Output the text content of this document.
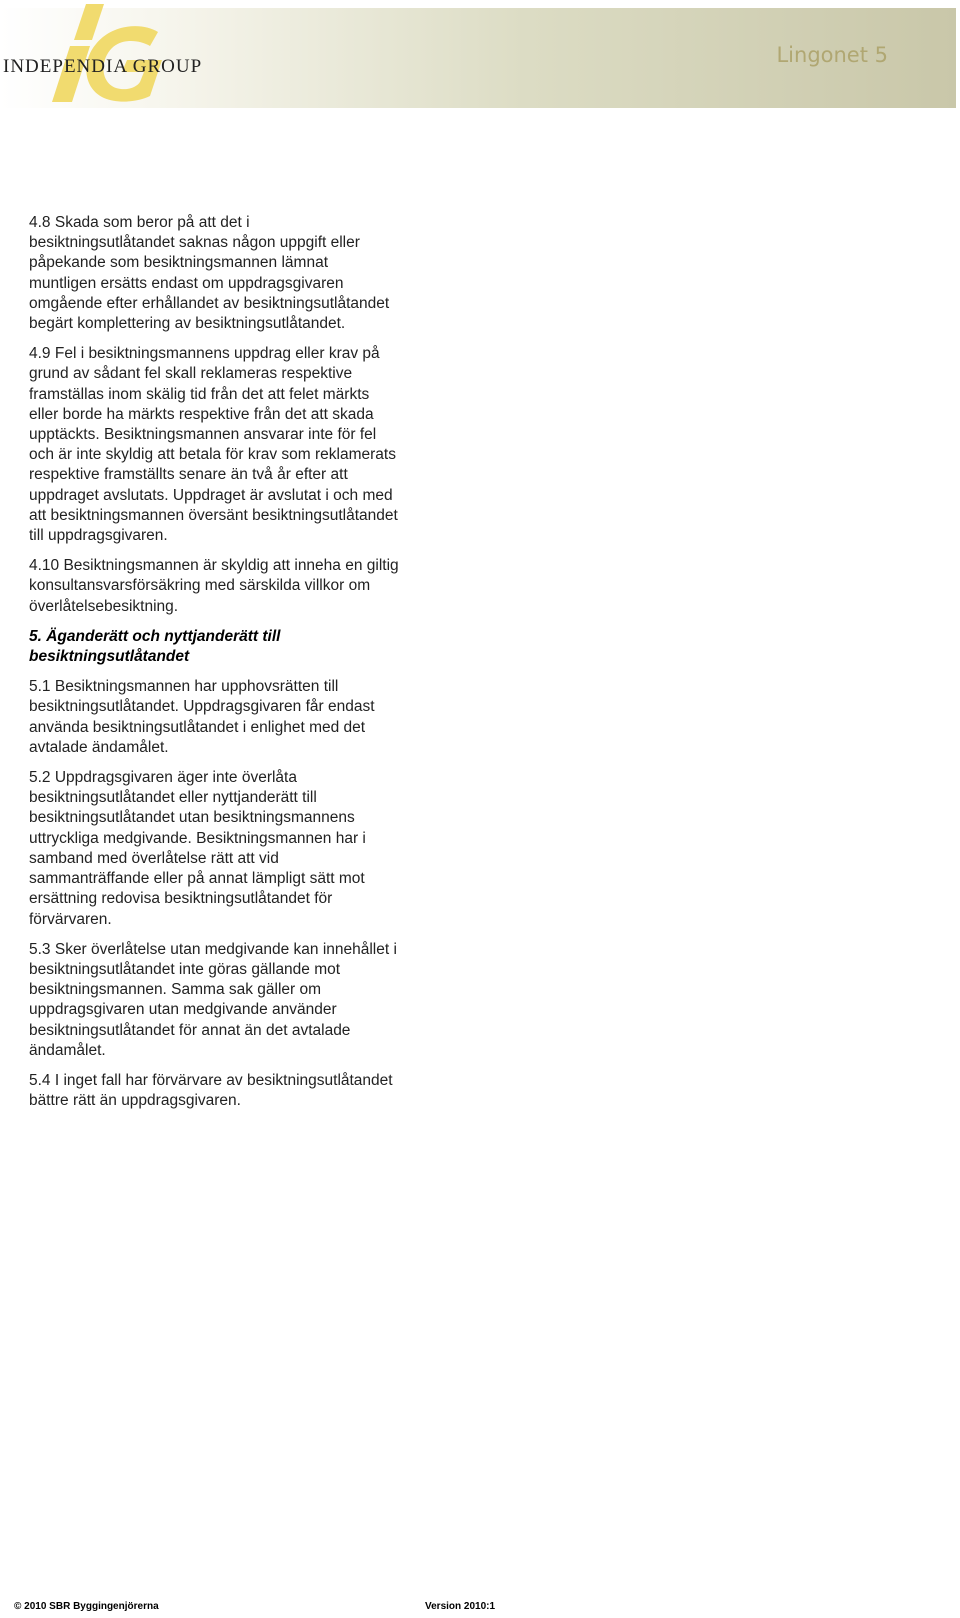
INDEPENDIA GROUP	Lingonet 5

4.8 Skada som beror på att det i besiktningsutlåtandet saknas någon uppgift eller påpekande som besiktningsmannen lämnat muntligen ersätts endast om uppdragsgivaren omgående efter erhållandet av besiktningsutlåtandet begärt komplettering av besiktningsutlåtandet.

4.9 Fel i besiktningsmannens uppdrag eller krav på grund av sådant fel skall reklameras respektive framställas inom skälig tid från det att felet märkts eller borde ha märkts respektive från det att skada upptäckts. Besiktningsmannen ansvarar inte för fel och är inte skyldig att betala för krav som reklamerats respektive framställts senare än två år efter att uppdraget avslutats. Uppdraget är avslutat i och med att besiktningsmannen översänt besiktningsutlåtandet till uppdragsgivaren.

4.10 Besiktningsmannen är skyldig att inneha en giltig konsultansvarsförsäkring med särskilda villkor om överlåtelsebesiktning.

5. Äganderätt och nyttjanderätt till besiktningsutlåtandet

5.1 Besiktningsmannen har upphovsrätten till besiktningsutlåtandet. Uppdragsgivaren får endast använda besiktningsutlåtandet i enlighet med det avtalade ändamålet.

5.2 Uppdragsgivaren äger inte överlåta besiktningsutlåtandet eller nyttjanderätt till besiktningsutlåtandet utan besiktningsmannens uttryckliga medgivande. Besiktningsmannen har i samband med överlåtelse rätt att vid sammanträffande eller på annat lämpligt sätt mot ersättning redovisa besiktningsutlåtandet för förvärvaren.

5.3 Sker överlåtelse utan medgivande kan innehållet i besiktningsutlåtandet inte göras gällande mot besiktningsmannen. Samma sak gäller om uppdragsgivaren utan medgivande använder besiktningsutlåtandet för annat än det avtalade ändamålet.

5.4 I inget fall har förvärvare av besiktningsutlåtandet bättre rätt än uppdragsgivaren.

© 2010 SBR Byggingenjörerna	Version 2010:1
